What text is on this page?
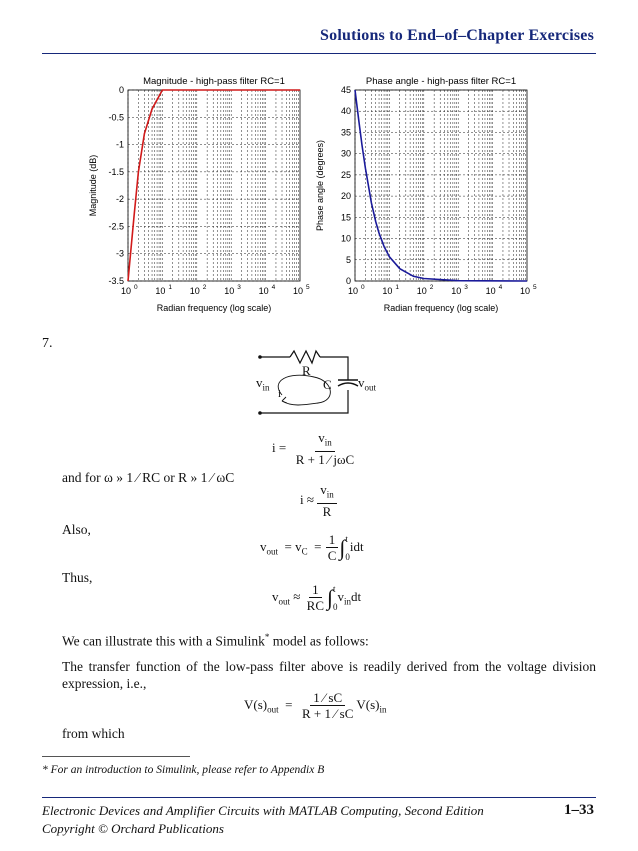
Solutions to End–of–Chapter Exercises
0
-0.5
-1
-1.5
-2
-2.5
-3
-3.5
10 0 10 1 10 2 10 3 10 4 10 5
Magnitude - high-pass filter RC=1
Magnitude (dB)
Radian frequency (log scale)
45
40
35
30
25
20
15
10
5
0
10 0 10 1 10 2 10 3 10 4 10 5
Phase angle - high-pass filter RC=1
Phase angle (degrees)
Radian frequency (log scale)
7.
R
C
$v_{in}$	$v_{out}$
i
$i = \frac{v_{in}}{\text{R + 1 ⁄ jωC}}$
and for ω » 1 ⁄ RC or R » 1 ⁄ ωC
$i \approx \frac{v_{in}}{R}$
Also,
$v_{out} = v_C = \frac{1}{C}$ ∫ t
0
idt
Thus,
$v_{out} \approx \frac{1}{RC}$ ∫ t
0
$v_{in}dt$
We can illustrate this with a Simulink* model as follows:
The transfer function of the low-pass filter above is readily derived from the voltage division expression, i.e.,
$V(s)_{out} = \frac{1 ⁄ sC}{R + 1 ⁄ sC} V(s)_{in}$
from which
* For an introduction to Simulink, please refer to Appendix B
Electronic Devices and Amplifier Circuits with MATLAB Computing, Second Edition
Copyright © Orchard Publications
1–33
